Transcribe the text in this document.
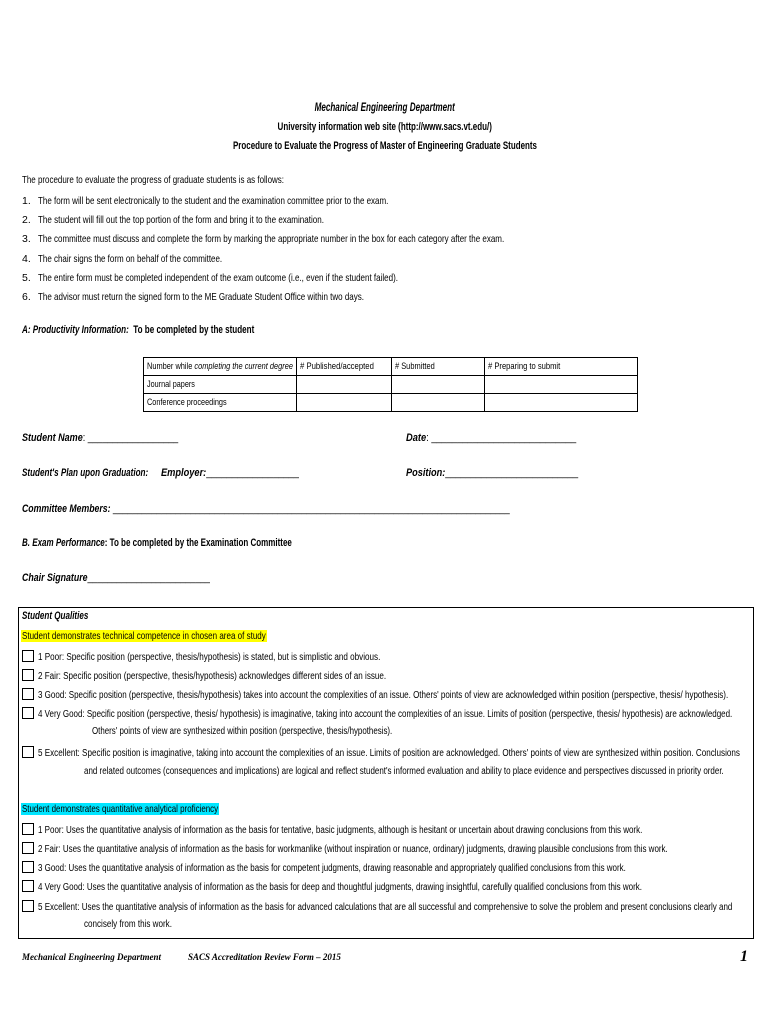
Mechanical Engineering Department
University information web site (http://www.sacs.vt.edu/)
Procedure to Evaluate the Progress of Master of Engineering Graduate Students
The procedure to evaluate the progress of graduate students is as follows:
1. The form will be sent electronically to the student and the examination committee prior to the exam.
2. The student will fill out the top portion of the form and bring it to the examination.
3. The committee must discuss and complete the form by marking the appropriate number in the box for each category after the exam.
4. The chair signs the form on behalf of the committee.
5. The entire form must be completed independent of the exam outcome (i.e., even if the student failed).
6. The advisor must return the signed form to the ME Graduate Student Office within two days.
A: Productivity Information: To be completed by the student
Number while completing the current degree	# Published/accepted	# Submitted	# Preparing to submit
Journal papers			
Conference proceedings			
Student Name: __________________	Date: ____________________________
Student's Plan upon Graduation: Employer:__________________	Position:__________________________
Committee Members: __________________________________________________________________________________
B. Exam Performance: To be completed by the Examination Committee
Chair Signature_________________________
Student Qualities
Student demonstrates technical competence in chosen area of study
1 Poor: Specific position (perspective, thesis/hypothesis) is stated, but is simplistic and obvious.
2 Fair: Specific position (perspective, thesis/hypothesis) acknowledges different sides of an issue.
3 Good: Specific position (perspective, thesis/hypothesis) takes into account the complexities of an issue. Others' points of view are acknowledged within position (perspective, thesis/ hypothesis).
4 Very Good: Specific position (perspective, thesis/ hypothesis) is imaginative, taking into account the complexities of an issue. Limits of position (perspective, thesis/ hypothesis) are acknowledged.
Others' points of view are synthesized within position (perspective, thesis/hypothesis).
5 Excellent: Specific position is imaginative, taking into account the complexities of an issue. Limits of position are acknowledged. Others' points of view are synthesized within position. Conclusions
and related outcomes (consequences and implications) are logical and reflect student's informed evaluation and ability to place evidence and perspectives discussed in priority order.
Student demonstrates quantitative analytical proficiency
1 Poor: Uses the quantitative analysis of information as the basis for tentative, basic judgments, although is hesitant or uncertain about drawing conclusions from this work.
2 Fair: Uses the quantitative analysis of information as the basis for workmanlike (without inspiration or nuance, ordinary) judgments, drawing plausible conclusions from this work.
3 Good: Uses the quantitative analysis of information as the basis for competent judgments, drawing reasonable and appropriately qualified conclusions from this work.
4 Very Good: Uses the quantitative analysis of information as the basis for deep and thoughtful judgments, drawing insightful, carefully qualified conclusions from this work.
5 Excellent: Uses the quantitative analysis of information as the basis for advanced calculations that are all successful and comprehensive to solve the problem and present conclusions clearly and
concisely from this work.
Mechanical Engineering Department	SACS Accreditation Review Form – 2015	1
